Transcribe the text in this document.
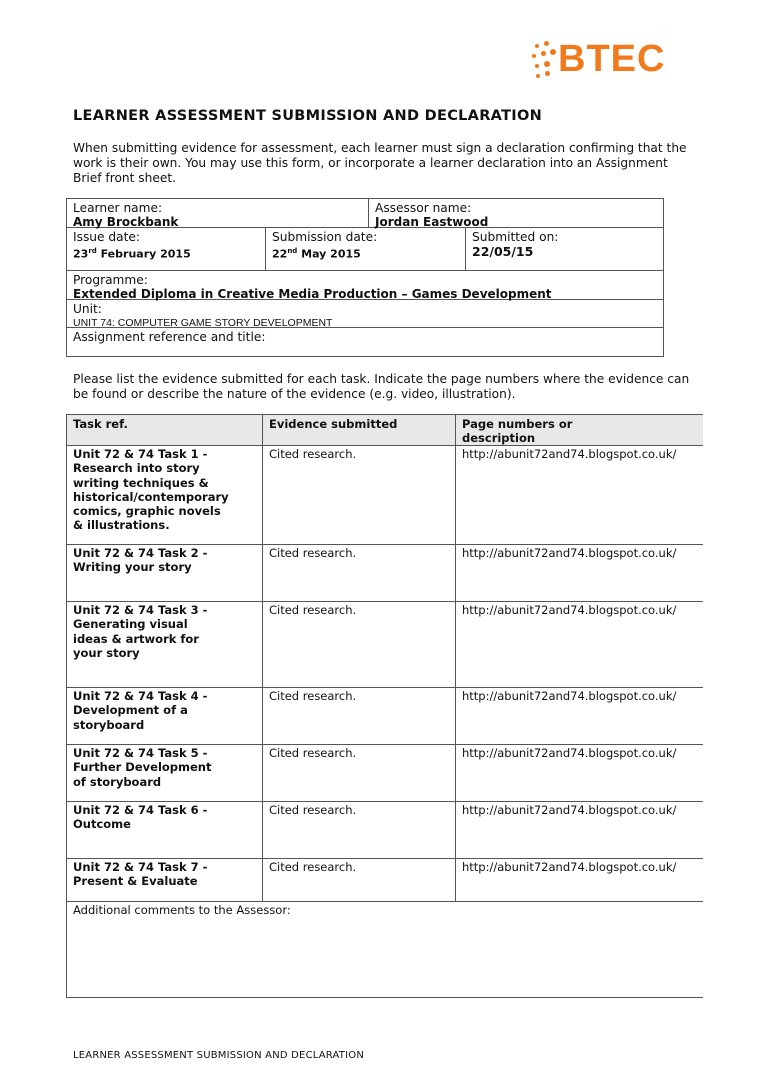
BTEC
LEARNER ASSESSMENT SUBMISSION AND DECLARATION
When submitting evidence for assessment, each learner must sign a declaration confirming that the work is their own. You may use this form, or incorporate a learner declaration into an Assignment Brief front sheet.
Learner name:
Amy Brockbank
Assessor name:
Jordan Eastwood
Issue date:
23rd February 2015
Submission date:
22nd May 2015
Submitted on:
22/05/15
Programme:
Extended Diploma in Creative Media Production – Games Development
Unit:
UNIT 74: COMPUTER GAME STORY DEVELOPMENT
Assignment reference and title:
Please list the evidence submitted for each task. Indicate the page numbers where the evidence can be found or describe the nature of the evidence (e.g. video, illustration).
Task ref.	Evidence submitted	Page numbers or description
Unit 72 & 74 Task 1 - Research into story writing techniques & historical/contemporary comics, graphic novels & illustrations.
Cited research.	http://abunit72and74.blogspot.co.uk/
Unit 72 & 74 Task 2 - Writing your story
Cited research.	http://abunit72and74.blogspot.co.uk/
Unit 72 & 74 Task 3 - Generating visual ideas & artwork for your story
Cited research.	http://abunit72and74.blogspot.co.uk/
Unit 72 & 74 Task 4 - Development of a storyboard
Cited research.	http://abunit72and74.blogspot.co.uk/
Unit 72 & 74 Task 5 - Further Development of storyboard
Cited research.	http://abunit72and74.blogspot.co.uk/
Unit 72 & 74 Task 6 - Outcome
Cited research.	http://abunit72and74.blogspot.co.uk/
Unit 72 & 74 Task 7 - Present & Evaluate
Cited research.	http://abunit72and74.blogspot.co.uk/
Additional comments to the Assessor:
LEARNER ASSESSMENT SUBMISSION AND DECLARATION
